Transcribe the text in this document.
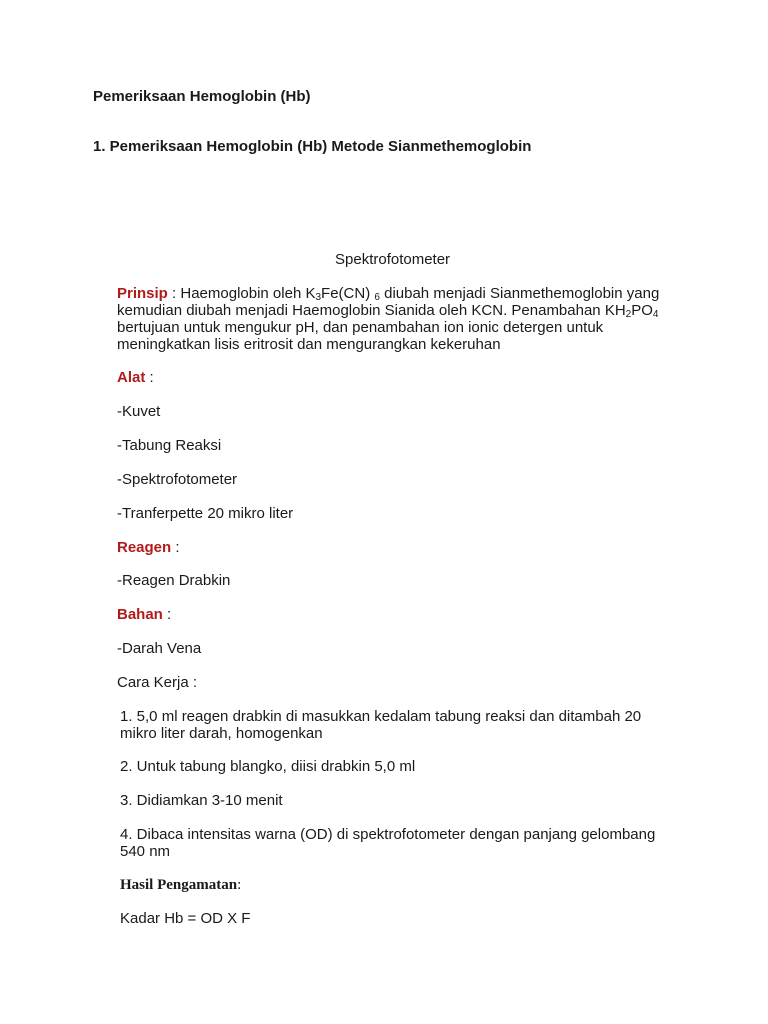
Pemeriksaan Hemoglobin (Hb)

1. Pemeriksaan Hemoglobin (Hb) Metode Sianmethemoglobin

Spektrofotometer

Prinsip : Haemoglobin oleh $K_3Fe(CN)$ $_6$ diubah menjadi Sianmethemoglobin yang

kemudian diubah menjadi Haemoglobin Sianida oleh KCN. Penambahan $KH_2PO_4$

bertujuan untuk mengukur pH, dan penambahan ion ionic detergen untuk

meningkatkan lisis eritrosit dan mengurangkan kekeruhan

Alat :

-Kuvet

-Tabung Reaksi

-Spektrofotometer

-Tranferpette 20 mikro liter

Reagen :

-Reagen Drabkin

Bahan :

-Darah Vena

Cara Kerja :

1. 5,0 ml reagen drabkin di masukkan kedalam tabung reaksi dan ditambah 20

mikro liter darah, homogenkan

2. Untuk tabung blangko, diisi drabkin 5,0 ml

3. Didiamkan 3-10 menit

4. Dibaca intensitas warna (OD) di spektrofotometer dengan panjang gelombang

540 nm

Hasil Pengamatan:

Kadar Hb = OD X F
